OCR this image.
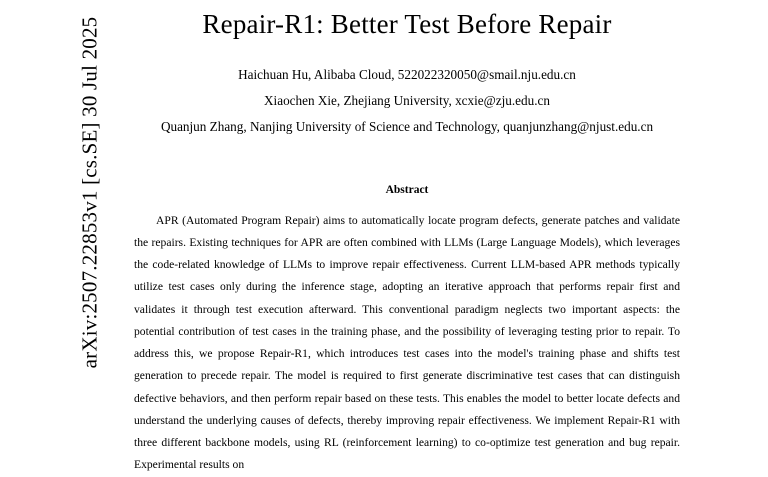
arXiv:2507.22853v1 [cs.SE] 30 Jul 2025	Repair-R1: Better Test Before Repair
Haichuan Hu, Alibaba Cloud, 522022320050@smail.nju.edu.cn
Xiaochen Xie, Zhejiang University, xcxie@zju.edu.cn
Quanjun Zhang, Nanjing University of Science and Technology, quanjunzhang@njust.edu.cn
Abstract
APR (Automated Program Repair) aims to automatically locate program defects, generate patches and validate the repairs. Existing techniques for APR are often combined with LLMs (Large Language Models), which leverages the code-related knowledge of LLMs to improve repair effectiveness. Current LLM-based APR methods typically utilize test cases only during the inference stage, adopting an iterative approach that performs repair first and validates it through test execution afterward. This conventional paradigm neglects two important aspects: the potential contribution of test cases in the training phase, and the possibility of leveraging testing prior to repair. To address this, we propose Repair-R1, which introduces test cases into the model's training phase and shifts test generation to precede repair. The model is required to first generate discriminative test cases that can distinguish defective behaviors, and then perform repair based on these tests. This enables the model to better locate defects and understand the underlying causes of defects, thereby improving repair effectiveness. We implement Repair-R1 with three different backbone models, using RL (reinforcement learning) to co-optimize test generation and bug repair. Experimental results on
